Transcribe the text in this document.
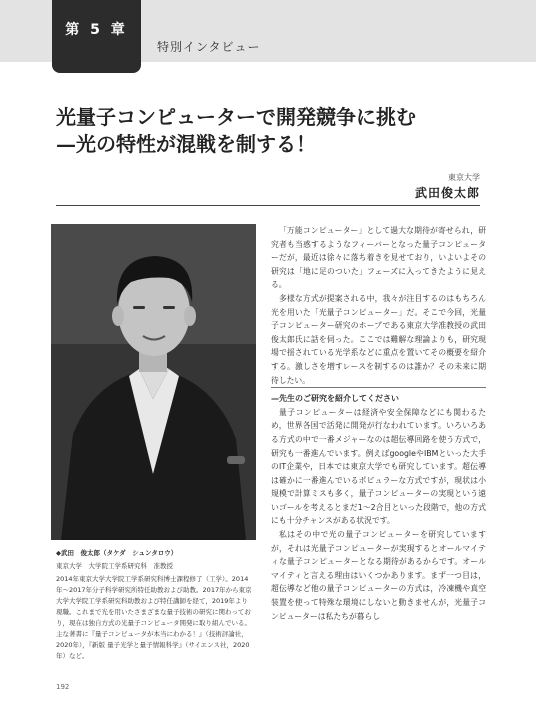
第 5 章
特別インタビュー
光量子コンピューターで開発競争に挑む
—光の特性が混戦を制する！
東京大学
武田俊太郎

◆武田　俊太郎（タケダ　シュンタロウ）

東京大学　大学院工学系研究科　准教授

2014年東京大学大学院工学系研究科博士課程修了（工学）。2014年～2017年分子科学研究所特任助教および助教。2017年から東京大学大学院工学系研究科助教および特任講師を経て，2019年より現職。これまで光を用いたさまざまな量子技術の研究に関わっており，現在は独自方式の光量子コンピュータ開発に取り組んでいる。主な著書に『量子コンピュータが本当にわかる！』（技術評論社，2020年），『新版 量子光学と量子情報科学』（サイエンス社，2020年）など。

「万能コンピューター」として過大な期待が寄せられ，研究者も当惑するようなフィーバーとなった量子コンピューターだが，最近は徐々に落ち着きを見せており，いよいよその研究は「地に足のついた」フェーズに入ってきたように見える。

多様な方式が提案される中，我々が注目するのはもちろん光を用いた「光量子コンピューター」だ。そこで今回，光量子コンピューター研究のホープである東京大学准教授の武田俊太郎氏に話を伺った。ここでは難解な理論よりも，研究現場で揺されている光学系などに重点を置いてその概要を紹介する。激しさを増すレースを制するのは誰か？その未来に期待したい。

—先生のご研究を紹介してください

量子コンピューターは経済や安全保障などにも関わるため，世界各国で活発に開発が行なわれています。いろいろある方式の中で一番メジャーなのは超伝導回路を使う方式で，研究も一番進んでいます。例えばgoogleやIBMといった大手のIT企業や，日本では東京大学でも研究しています。超伝導は確かに一番進んでいるポビュラーな方式ですが，現状は小規模で計算ミスも多く，量子コンピューターの実現という遠いゴールを考えるとまだ1～2合目といった段階で，他の方式にも十分チャンスがある状況です。

私はその中で光の量子コンピューターを研究していますが，それは光量子コンピューターが実現するとオールマイティな量子コンピューターとなる期待があるからです。オールマイティと言える理由はいくつかあります。まず一つ目は，超伝導など他の量子コンピューターの方式は，冷凍機や真空装置を使って特殊な環境にしないと動きませんが，光量子コンピューターは私たちが暮らし

192
